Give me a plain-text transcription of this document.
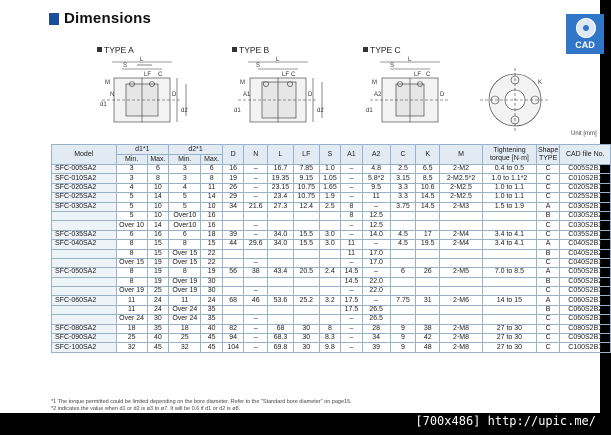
Dimensions
CAD
TYPE A	TYPE B	TYPE C
d1
S
L
LF
M
N
C
D
d2
S
L
LF
M
A1
C
d1
D
d2
S
L
LF
M
A2
d1
C
D
K
Unit [mm]
Model	d1*1		d2*1		D	N	L	LF	S	A1	A2	C	K	M	Tightening torque [N·m]	Shape TYPE	CAD file No.
	Min.	Max.	Min.	Max.													
SFC-005SA2	3	6	3	6	16	–	16.7	7.85	1.0	–	4.8	2.5	6.5	2-M2	0.4 to 0.5	C	C005S2B1
SFC-010SA2	3	8	3	8	19	–	19.35	9.15	1.05	–	5.8*2	3.15	8.5	2-M2.5*2	1.0 to 1.1*2	C	C010S2B1
SFC-020SA2	4	10	4	11	26	–	23.15	10.75	1.65	–	9.5	3.3	10.6	2-M2.5	1.0 to 1.1	C	C020S2B1
SFC-025SA2	5	14	5	14	29	–	23.4	10.75	1.9	–	11	3.3	14.5	2-M2.5	1.0 to 1.1	C	C025S2B1
SFC-030SA2	5	10	5	10	34	21.6	27.3	12.4	2.5	8	–	3.75	14.5	2-M3	1.5 to 1.9	A	C030S2B1
	5	10	Over10	16						8	12.5					B	C030S2B2
	Over 10	14	Over10	16		–				–	12.5					C	C030S2B3
SFC-035SA2	6	16	6	18	39	–	34.0	15.5	3.0	–	14.0	4.5	17	2-M4	3.4 to 4.1	C	C035S2B1
SFC-040SA2	8	15	8	15	44	29.6	34.0	15.5	3.0	11	–	4.5	19.5	2-M4	3.4 to 4.1	A	C040S2B1
	8	15	Over 15	22						11	17.0					B	C040S2B2
	Over 15	19	Over 15	22		–				–	17.0					C	C040S2B3
SFC-050SA2	8	19	8	19	56	38	43.4	20.5	2.4	14.5	–	6	26	2-M5	7.0 to 8.5	A	C050S2B1
	8	19	Over 19	30						14.5	22.0					B	C050S2B2
	Over 19	25	Over 19	30		–				–	22.0					C	C050S2B3
SFC-060SA2	11	24	11	24	68	46	53.6	25.2	3.2	17.5	–	7.75	31	2-M6	14 to 15	A	C060S2B1
	11	24	Over 24	35						17.5	26.5					B	C060S2B2
	Over 24	30	Over 24	35		–				–	26.5					C	C060S2B3
SFC-080SA2	18	35	18	40	82	–	68	30	8	–	28	9	38	2-M8	27 to 30	C	C080S2B1
SFC-090SA2	25	40	25	45	94	–	68.3	30	8.3	–	34	9	42	2-M8	27 to 30	C	C090S2B1
SFC-100SA2	32	45	32	45	104	–	69.8	30	9.8	–	39	9	48	2-M8	27 to 30	C	C100S2B1
*1 The torque permitted could be limited depending on the bore diameter. Refer to the "Standard bore diameter" on page15.
*2 indicates the value when d1 or d2 is ø3 to ø7. It will be 0.6 if d1 or d2 is ø8.
[700x486] http://upic.me/
